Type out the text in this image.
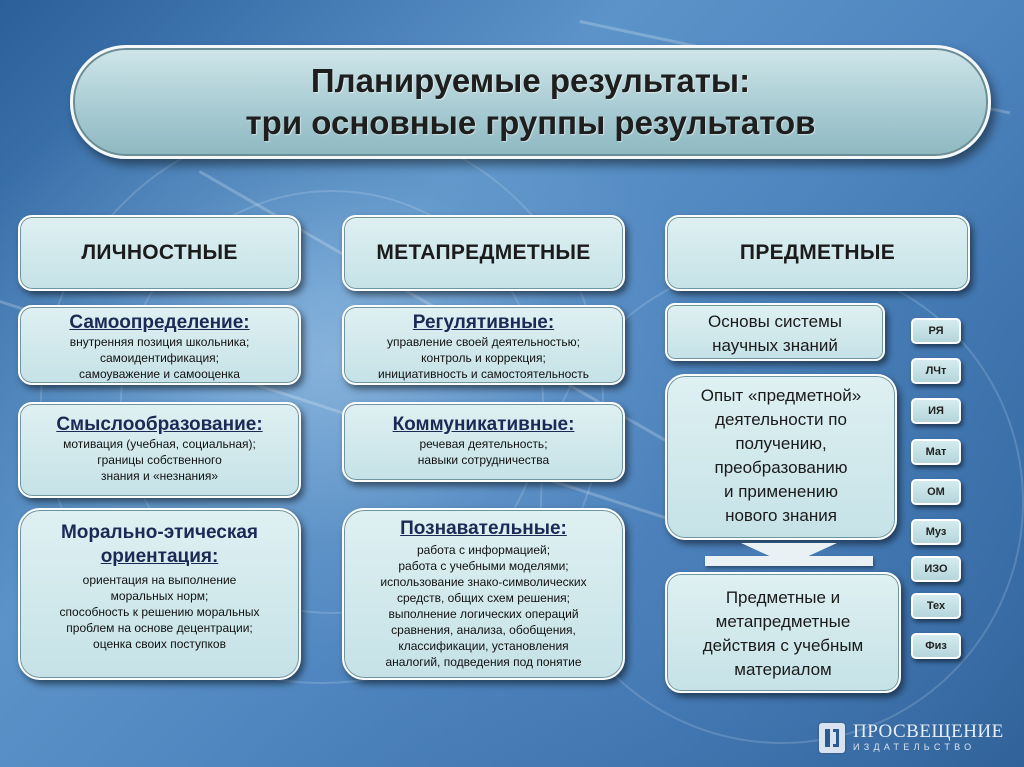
Планируемые результаты:
три основные группы результатов
ЛИЧНОСТНЫЕ	МЕТАПРЕДМЕТНЫЕ	ПРЕДМЕТНЫЕ
Самоопределение:
внутренняя позиция школьника;
самоидентификация;
самоуважение и самооценка
Смыслообразование:
мотивация (учебная, социальная);
границы собственного
знания и «незнания»
Морально-этическая
ориентация:
ориентация на выполнение
моральных норм;
способность к решению моральных
проблем на основе децентрации;
оценка своих поступков
Регулятивные:
управление своей деятельностью;
контроль и коррекция;
инициативность и самостоятельность
Коммуникативные:
речевая деятельность;
навыки сотрудничества
Познавательные:
работа с информацией;
работа с учебными моделями;
использование знако-символических
средств, общих схем решения;
выполнение логических операций
сравнения, анализа, обобщения,
классификации, установления
аналогий, подведения под понятие
Основы системы
научных знаний
Опыт «предметной»
деятельности по
получению,
преобразованию
и применению
нового знания
Предметные и
метапредметные
действия с учебным
материалом
РЯ
ЛЧт
ИЯ
Мат
ОМ
Муз
ИЗО
Тех
Физ
ПРОСВЕЩЕНИЕ
ИЗДАТЕЛЬСТВО
